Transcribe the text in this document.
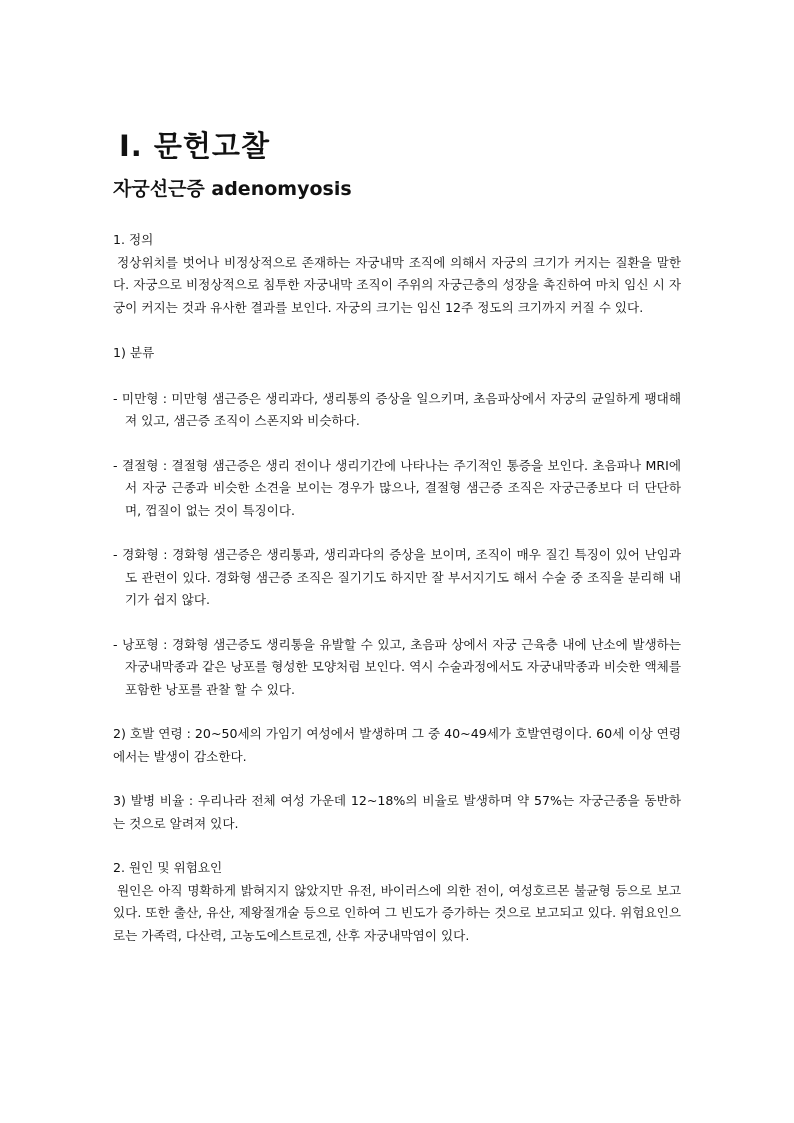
Ⅰ. 문헌고찰
자궁선근증 adenomyosis

1. 정의

정상위치를 벗어나 비정상적으로 존재하는 자궁내막 조직에 의해서 자궁의 크기가 커지는 질환을 말한다. 자궁으로 비정상적으로 침투한 자궁내막 조직이 주위의 자궁근층의 성장을 촉진하여 마치 임신 시 자궁이 커지는 것과 유사한 결과를 보인다. 자궁의 크기는 임신 12주 정도의 크기까지 커질 수 있다.

1) 분류

- 미만형 : 미만형 샘근증은 생리과다, 생리통의 증상을 일으키며, 초음파상에서 자궁의 균일하게 팽대해져 있고, 샘근증 조직이 스폰지와 비슷하다.

- 결절형 : 결절형 샘근증은 생리 전이나 생리기간에 나타나는 주기적인 통증을 보인다. 초음파나 MRI에서 자궁 근종과 비슷한 소견을 보이는 경우가 많으나, 결절형 샘근증 조직은 자궁근종보다 더 단단하며, 껍질이 없는 것이 특징이다.

- 경화형 : 경화형 샘근증은 생리통과, 생리과다의 증상을 보이며, 조직이 매우 질긴 특징이 있어 난임과도 관련이 있다. 경화형 샘근증 조직은 질기기도 하지만 잘 부서지기도 해서 수술 중 조직을 분리해 내기가 쉽지 않다.

- 낭포형 : 경화형 샘근증도 생리통을 유발할 수 있고, 초음파 상에서 자궁 근육층 내에 난소에 발생하는 자궁내막종과 같은 낭포를 형성한 모양처럼 보인다. 역시 수술과정에서도 자궁내막종과 비슷한 액체를 포함한 낭포를 관찰 할 수 있다.

2) 호발 연령 : 20~50세의 가임기 여성에서 발생하며 그 중 40~49세가 호발연령이다. 60세 이상 연령에서는 발생이 감소한다.

3) 발병 비율 : 우리나라 전체 여성 가운데 12~18%의 비율로 발생하며 약 57%는 자궁근종을 동반하는 것으로 알려져 있다.

2. 원인 및 위험요인

원인은 아직 명확하게 밝혀지지 않았지만 유전, 바이러스에 의한 전이, 여성호르몬 불균형 등으로 보고 있다. 또한 출산, 유산, 제왕절개술 등으로 인하여 그 빈도가 증가하는 것으로 보고되고 있다. 위험요인으로는 가족력, 다산력, 고농도에스트로겐, 산후 자궁내막염이 있다.
